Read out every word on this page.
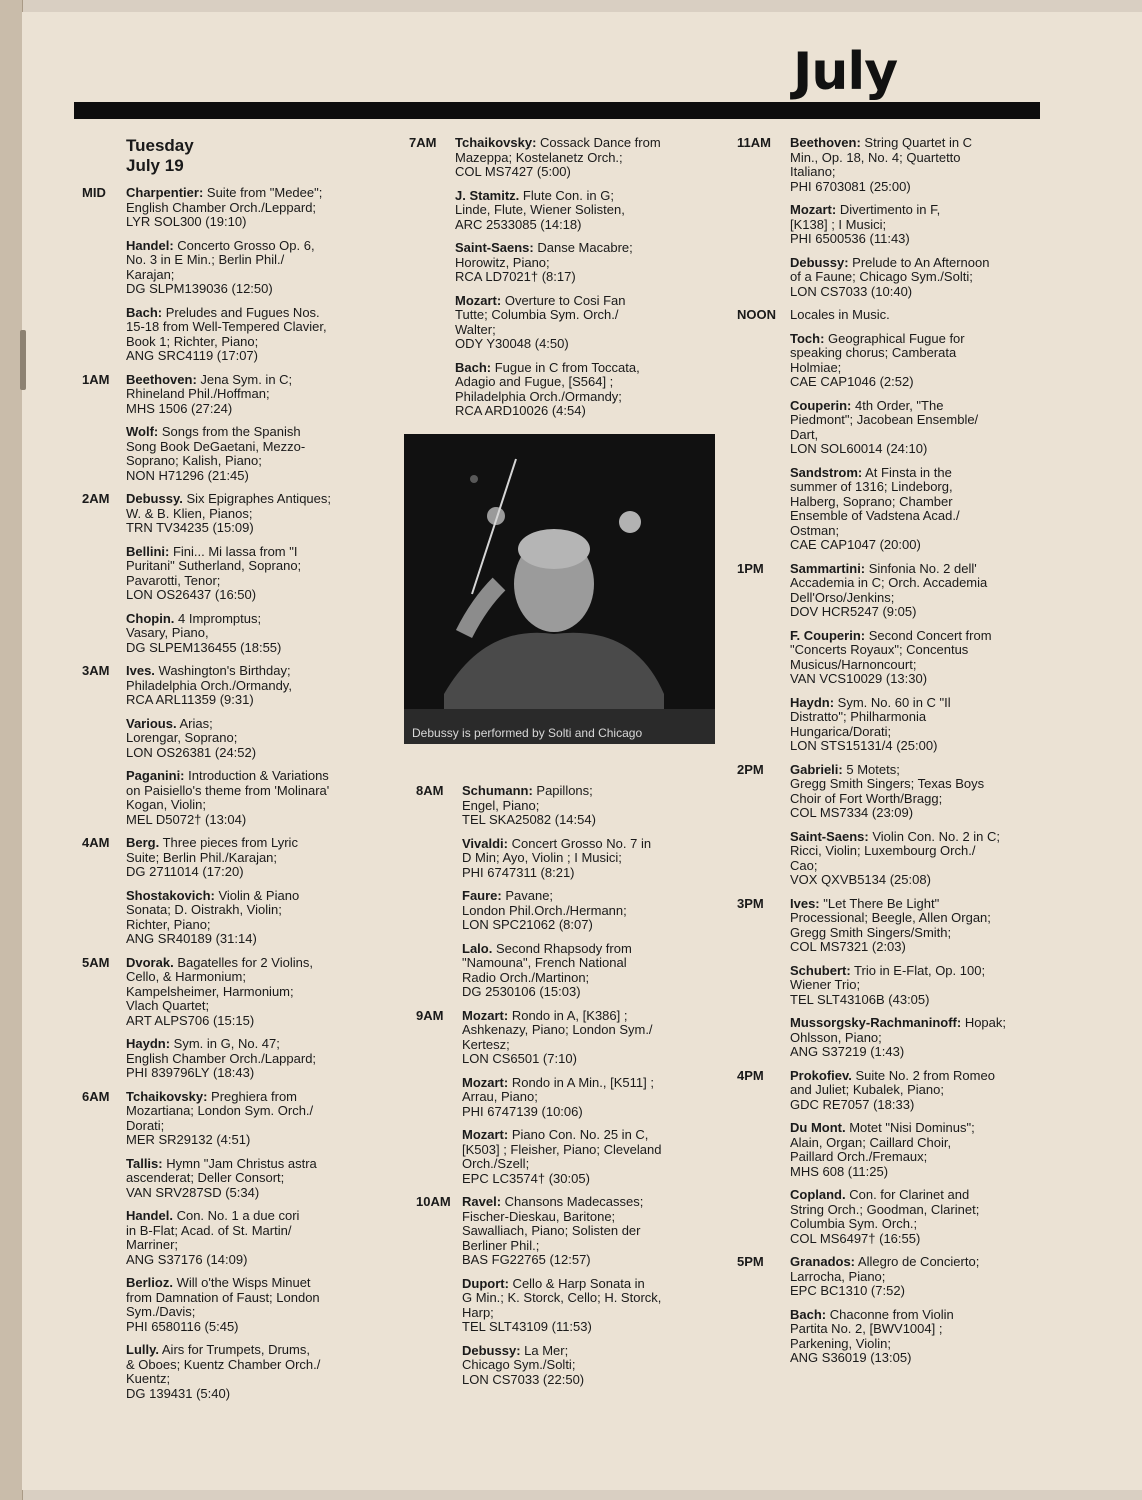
July
Tuesday
July 19
MID Charpentier: Suite from "Medee";
English Chamber Orch./Leppard;
LYR SOL300 (19:10)
Handel: Concerto Grosso Op. 6,
No. 3 in E Min.; Berlin Phil./
Karajan;
DG SLPM139036 (12:50)
Bach: Preludes and Fugues Nos.
15-18 from Well-Tempered Clavier,
Book 1; Richter, Piano;
ANG SRC4119 (17:07)
1AM Beethoven: Jena Sym. in C;
Rhineland Phil./Hoffman;
MHS 1506 (27:24)
Wolf: Songs from the Spanish
Song Book DeGaetani, Mezzo-
Soprano; Kalish, Piano;
NON H71296 (21:45)
2AM Debussy. Six Epigraphes Antiques;
W. & B. Klien, Pianos;
TRN TV34235 (15:09)
Bellini: Fini... Mi lassa from "I
Puritani" Sutherland, Soprano;
Pavarotti, Tenor;
LON OS26437 (16:50)
Chopin. 4 Impromptus;
Vasary, Piano,
DG SLPEM136455 (18:55)
3AM Ives. Washington's Birthday;
Philadelphia Orch./Ormandy,
RCA ARL11359 (9:31)
Various. Arias;
Lorengar, Soprano;
LON OS26381 (24:52)
Paganini: Introduction & Variations
on Paisiello's theme from 'Molinara'
Kogan, Violin;
MEL D5072† (13:04)
4AM Berg. Three pieces from Lyric
Suite; Berlin Phil./Karajan;
DG 2711014 (17:20)
Shostakovich: Violin & Piano
Sonata; D. Oistrakh, Violin;
Richter, Piano;
ANG SR40189 (31:14)
5AM Dvorak. Bagatelles for 2 Violins,
Cello, & Harmonium;
Kampelsheimer, Harmonium;
Vlach Quartet;
ART ALPS706 (15:15)
Haydn: Sym. in G, No. 47;
English Chamber Orch./Lappard;
PHI 839796LY (18:43)
6AM Tchaikovsky: Preghiera from
Mozartiana; London Sym. Orch./
Dorati;
MER SR29132 (4:51)
Tallis: Hymn "Jam Christus astra
ascenderat; Deller Consort;
VAN SRV287SD (5:34)
Handel. Con. No. 1 a due cori
in B-Flat; Acad. of St. Martin/
Marriner;
ANG S37176 (14:09)
Berlioz. Will o'the Wisps Minuet
from Damnation of Faust; London
Sym./Davis;
PHI 6580116 (5:45)
Lully. Airs for Trumpets, Drums,
& Oboes; Kuentz Chamber Orch./
Kuentz;
DG 139431 (5:40)
7AM Tchaikovsky: Cossack Dance from
Mazeppa; Kostelanetz Orch.;
COL MS7427 (5:00)
J. Stamitz. Flute Con. in G;
Linde, Flute, Wiener Solisten,
ARC 2533085 (14:18)
Saint-Saens: Danse Macabre;
Horowitz, Piano;
RCA LD7021† (8:17)
Mozart: Overture to Cosi Fan
Tutte; Columbia Sym. Orch./
Walter;
ODY Y30048 (4:50)
Bach: Fugue in C from Toccata,
Adagio and Fugue, [S564] ;
Philadelphia Orch./Ormandy;
RCA ARD10026 (4:54)
Debussy is performed by Solti and Chicago
8AM Schumann: Papillons;
Engel, Piano;
TEL SKA25082 (14:54)
Vivaldi: Concert Grosso No. 7 in
D Min; Ayo, Violin ; I Musici;
PHI 6747311 (8:21)
Faure: Pavane;
London Phil.Orch./Hermann;
LON SPC21062 (8:07)
Lalo. Second Rhapsody from
"Namouna", French National
Radio Orch./Martinon;
DG 2530106 (15:03)
9AM Mozart: Rondo in A, [K386] ;
Ashkenazy, Piano; London Sym./
Kertesz;
LON CS6501 (7:10)
Mozart: Rondo in A Min., [K511] ;
Arrau, Piano;
PHI 6747139 (10:06)
Mozart: Piano Con. No. 25 in C,
[K503] ; Fleisher, Piano; Cleveland
Orch./Szell;
EPC LC3574† (30:05)
10AM Ravel: Chansons Madecasses;
Fischer-Dieskau, Baritone;
Sawalliach, Piano; Solisten der
Berliner Phil.;
BAS FG22765 (12:57)
Duport: Cello & Harp Sonata in
G Min.; K. Storck, Cello; H. Storck,
Harp;
TEL SLT43109 (11:53)
Debussy: La Mer;
Chicago Sym./Solti;
LON CS7033 (22:50)
11AM Beethoven: String Quartet in C
Min., Op. 18, No. 4; Quartetto
Italiano;
PHI 6703081 (25:00)
Mozart: Divertimento in F,
[K138] ; I Musici;
PHI 6500536 (11:43)
Debussy: Prelude to An Afternoon
of a Faune; Chicago Sym./Solti;
LON CS7033 (10:40)
NOON Locales in Music.
Toch: Geographical Fugue for
speaking chorus; Camberata
Holmiae;
CAE CAP1046 (2:52)
Couperin: 4th Order, "The
Piedmont"; Jacobean Ensemble/
Dart,
LON SOL60014 (24:10)
Sandstrom: At Finsta in the
summer of 1316; Lindeborg,
Halberg, Soprano; Chamber
Ensemble of Vadstena Acad./
Ostman;
CAE CAP1047 (20:00)
1PM Sammartini: Sinfonia No. 2 dell'
Accademia in C; Orch. Accademia
Dell'Orso/Jenkins;
DOV HCR5247 (9:05)
F. Couperin: Second Concert from
"Concerts Royaux"; Concentus
Musicus/Harnoncourt;
VAN VCS10029 (13:30)
Haydn: Sym. No. 60 in C "Il
Distratto"; Philharmonia
Hungarica/Dorati;
LON STS15131/4 (25:00)
2PM Gabrieli: 5 Motets;
Gregg Smith Singers; Texas Boys
Choir of Fort Worth/Bragg;
COL MS7334 (23:09)
Saint-Saens: Violin Con. No. 2 in C;
Ricci, Violin; Luxembourg Orch./
Cao;
VOX QXVB5134 (25:08)
3PM Ives: "Let There Be Light"
Processional; Beegle, Allen Organ;
Gregg Smith Singers/Smith;
COL MS7321 (2:03)
Schubert: Trio in E-Flat, Op. 100;
Wiener Trio;
TEL SLT43106B (43:05)
Mussorgsky-Rachmaninoff: Hopak;
Ohlsson, Piano;
ANG S37219 (1:43)
4PM Prokofiev. Suite No. 2 from Romeo
and Juliet; Kubalek, Piano;
GDC RE7057 (18:33)
Du Mont. Motet "Nisi Dominus";
Alain, Organ; Caillard Choir,
Paillard Orch./Fremaux;
MHS 608 (11:25)
Copland. Con. for Clarinet and
String Orch.; Goodman, Clarinet;
Columbia Sym. Orch.;
COL MS6497† (16:55)
5PM Granados: Allegro de Concierto;
Larrocha, Piano;
EPC BC1310 (7:52)
Bach: Chaconne from Violin
Partita No. 2, [BWV1004] ;
Parkening, Violin;
ANG S36019 (13:05)
